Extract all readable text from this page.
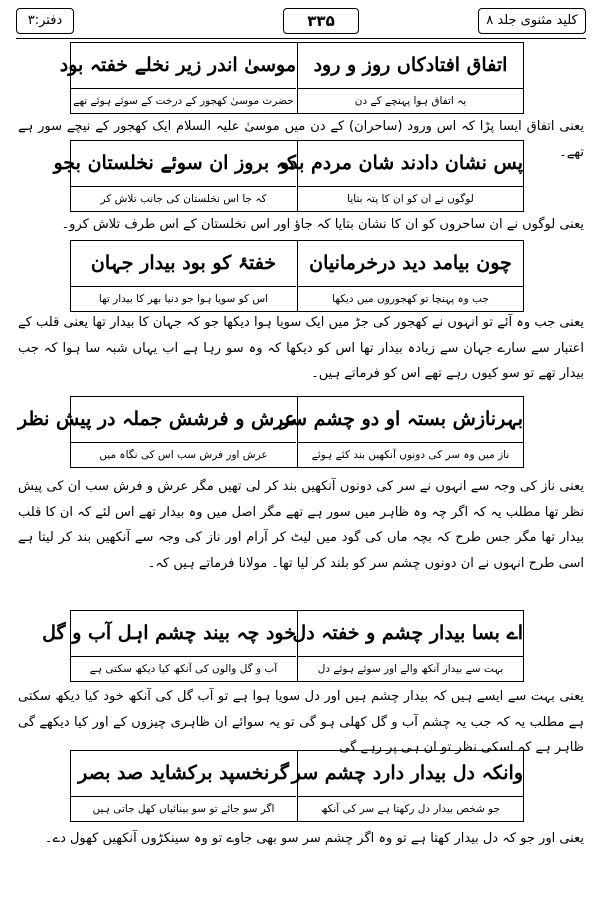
کلید مثنوی جلد ۸
۳۳۵
دفتر:۳
اتفاق افتادکاں روز و رود
یہ اتفاق ہوا پہنچے کے دن
موسیٰ اندر زیر نخلے خفتہ بود
حضرت موسیٰ کھجور کے درخت کے سوئے ہوئے تھے
یعنی اتفاق ایسا پڑا کہ اس ورود (ساحران) کے دن میں موسیٰ علیہ السلام ایک کھجور کے نیچے سور ہے تھے۔
پس نشان دادند شان مردم بدو
لوگوں نے ان کو ان کا پتہ بتایا
کہ بروز ان سوئے نخلستان بجو
کہ جا اس نخلستان کی جانب تلاش کر
یعنی لوگوں نے ان ساحروں کو ان کا نشان بتایا کہ جاؤ اور اس نخلستان کے اس طرف تلاش کرو۔
چون بیامد دید درخرمانیان
جب وہ پہنچا تو کھجوروں میں دیکھا
خفتۂ کو بود بیدار جہان
اس کو سویا ہوا جو دنیا بھر کا بیدار تھا
یعنی جب وہ آئے تو انہوں نے کھجور کی جڑ میں ایک سویا ہوا دیکھا جو کہ جہان کا بیدار تھا یعنی قلب کے اعتبار سے سارے جہان سے زیادہ بیدار تھا اس کو دیکھا کہ وہ سو رہا ہے اب یہاں شبہ سا ہوا کہ جب بیدار تھے تو سو کیوں رہے تھے اس کو فرماتے ہیں۔
بہرنازش بستہ او دو چشم سر
ناز میں وہ سر کی دونوں آنکھیں بند کئے ہوئے
عرش و فرشش جملہ در پیش نظر
عرش اور فرش سب اس کی نگاہ میں
یعنی ناز کی وجہ سے انہوں نے سر کی دونوں آنکھیں بند کر لی تھیں مگر عرش و فرش سب ان کی پیش نظر تھا مطلب یہ کہ اگر چہ وہ ظاہر میں سور ہے تھے مگر اصل میں وہ بیدار تھے اس لئے کہ ان کا قلب بیدار تھا مگر جس طرح کہ بچہ ماں کی گود میں لیٹ کر آرام اور ناز کی وجہ سے آنکھیں بند کر لیتا ہے اسی طرح انہوں نے ان دونوں چشم سر کو بلند کر لیا تھا۔ مولانا فرماتے ہیں کہ۔
اے بسا بیدار چشم و خفتہ دل
بہت سے بیدار آنکھ والے اور سوئے ہوئے دل
خود چہ بیند چشم اہل آب و گل
آب و گل والوں کی آنکھ کیا دیکھ سکتی ہے
یعنی بہت سے ایسے ہیں کہ بیدار چشم ہیں اور دل سویا ہوا ہے تو آب گل کی آنکھ خود کیا دیکھ سکتی ہے مطلب یہ کہ جب یہ چشم آب و گل کھلی ہو گی تو یہ سوائے ان ظاہری چیزوں کے اور کیا دیکھے گی ظاہر ہے کہ اسکی نظر تو ان ہی پر رہے گی۔
وانکہ دل بیدار دارد چشم سر
جو شخص بیدار دل رکھتا ہے سر کی آنکھ
گرنخسپد برکشاید صد بصر
اگر سو جائے تو سو بینائیاں کھل جاتی ہیں
یعنی اور جو کہ دل بیدار کھتا ہے تو وہ اگر چشم سر سو بھی جاوے تو وہ سینکڑوں آنکھیں کھول دے۔
